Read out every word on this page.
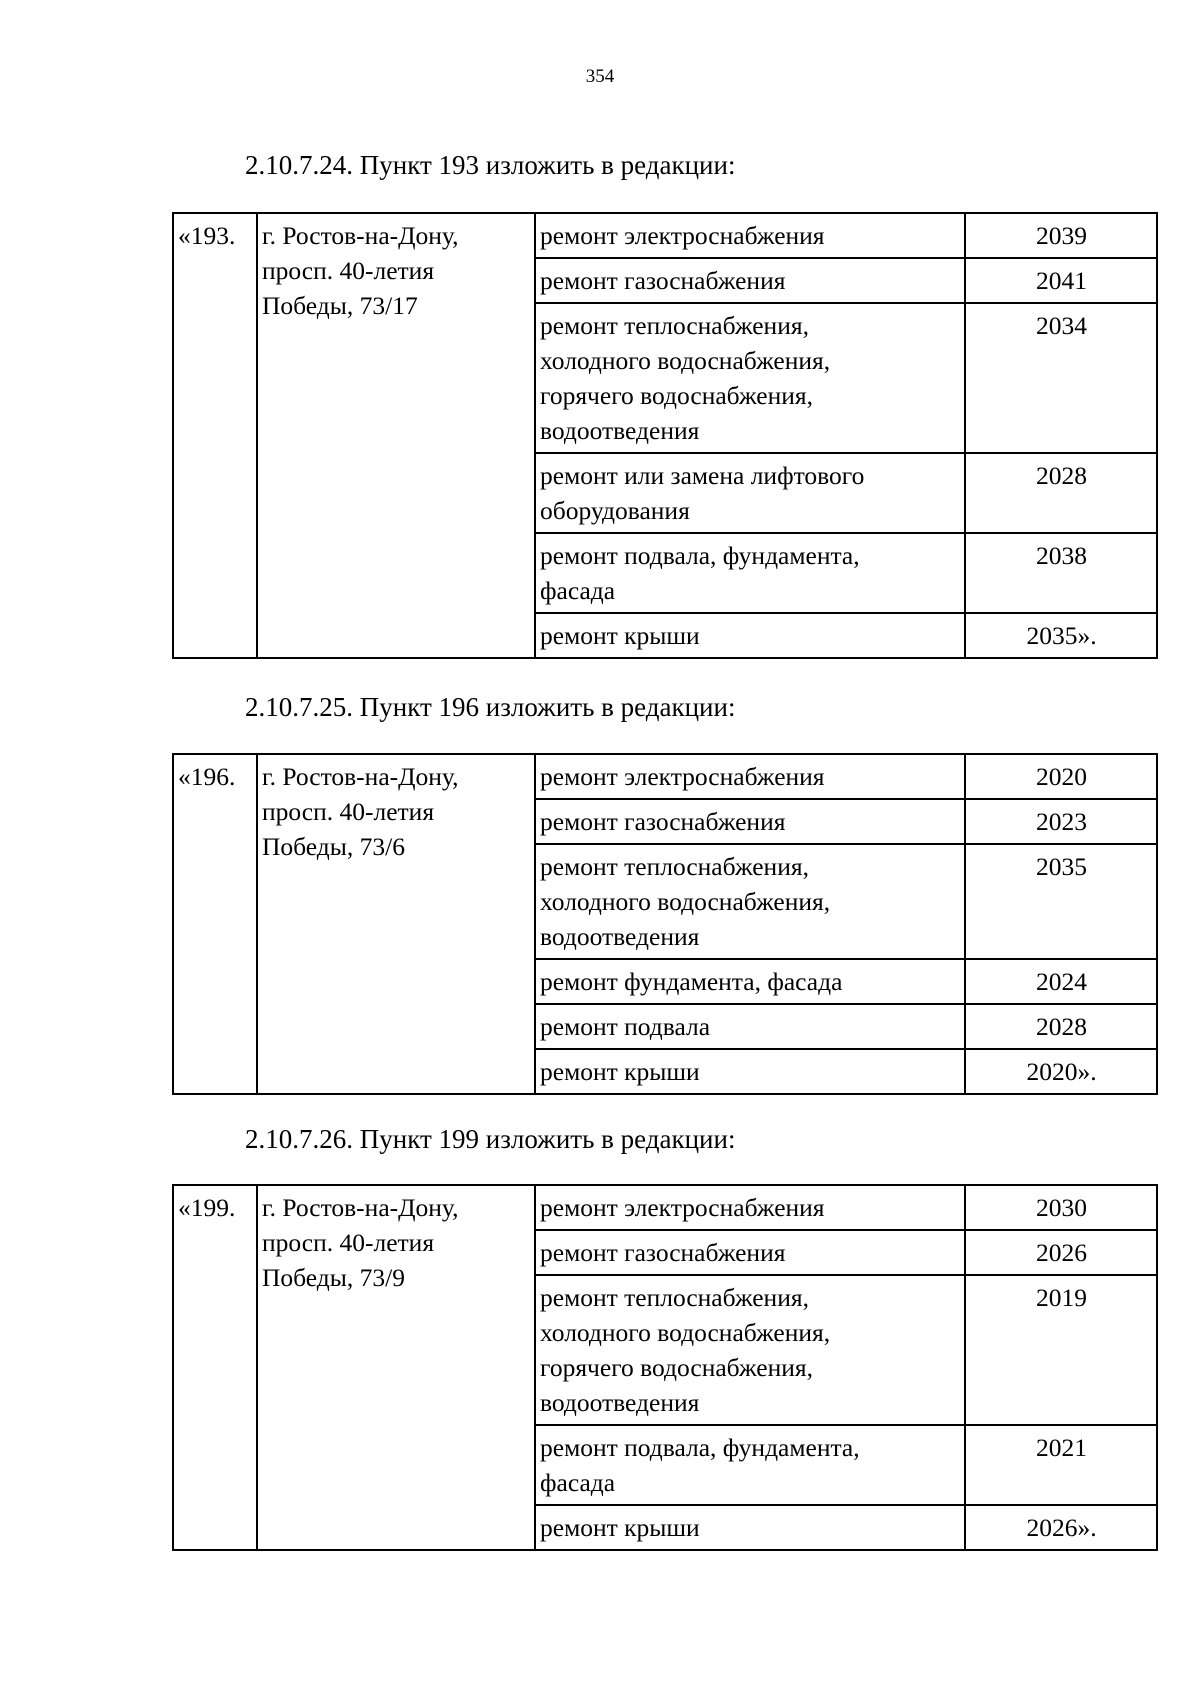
354
2.10.7.24. Пункт 193 изложить в редакции:
«193.	г. Ростов-на-Дону,
просп. 40-летия
Победы, 73/17	ремонт электроснабжения	2039
		ремонт газоснабжения	2041
		ремонт теплоснабжения,
холодного водоснабжения,
горячего водоснабжения,
водоотведения	2034
		ремонт или замена лифтового
оборудования	2028
		ремонт подвала, фундамента,
фасада	2038
		ремонт крыши	2035».
2.10.7.25. Пункт 196 изложить в редакции:
«196.	г. Ростов-на-Дону,
просп. 40-летия
Победы, 73/6	ремонт электроснабжения	2020
		ремонт газоснабжения	2023
		ремонт теплоснабжения,
холодного водоснабжения,
водоотведения	2035
		ремонт фундамента, фасада	2024
		ремонт подвала	2028
		ремонт крыши	2020».
2.10.7.26. Пункт 199 изложить в редакции:
«199.	г. Ростов-на-Дону,
просп. 40-летия
Победы, 73/9	ремонт электроснабжения	2030
		ремонт газоснабжения	2026
		ремонт теплоснабжения,
холодного водоснабжения,
горячего водоснабжения,
водоотведения	2019
		ремонт подвала, фундамента,
фасада	2021
		ремонт крыши	2026».
